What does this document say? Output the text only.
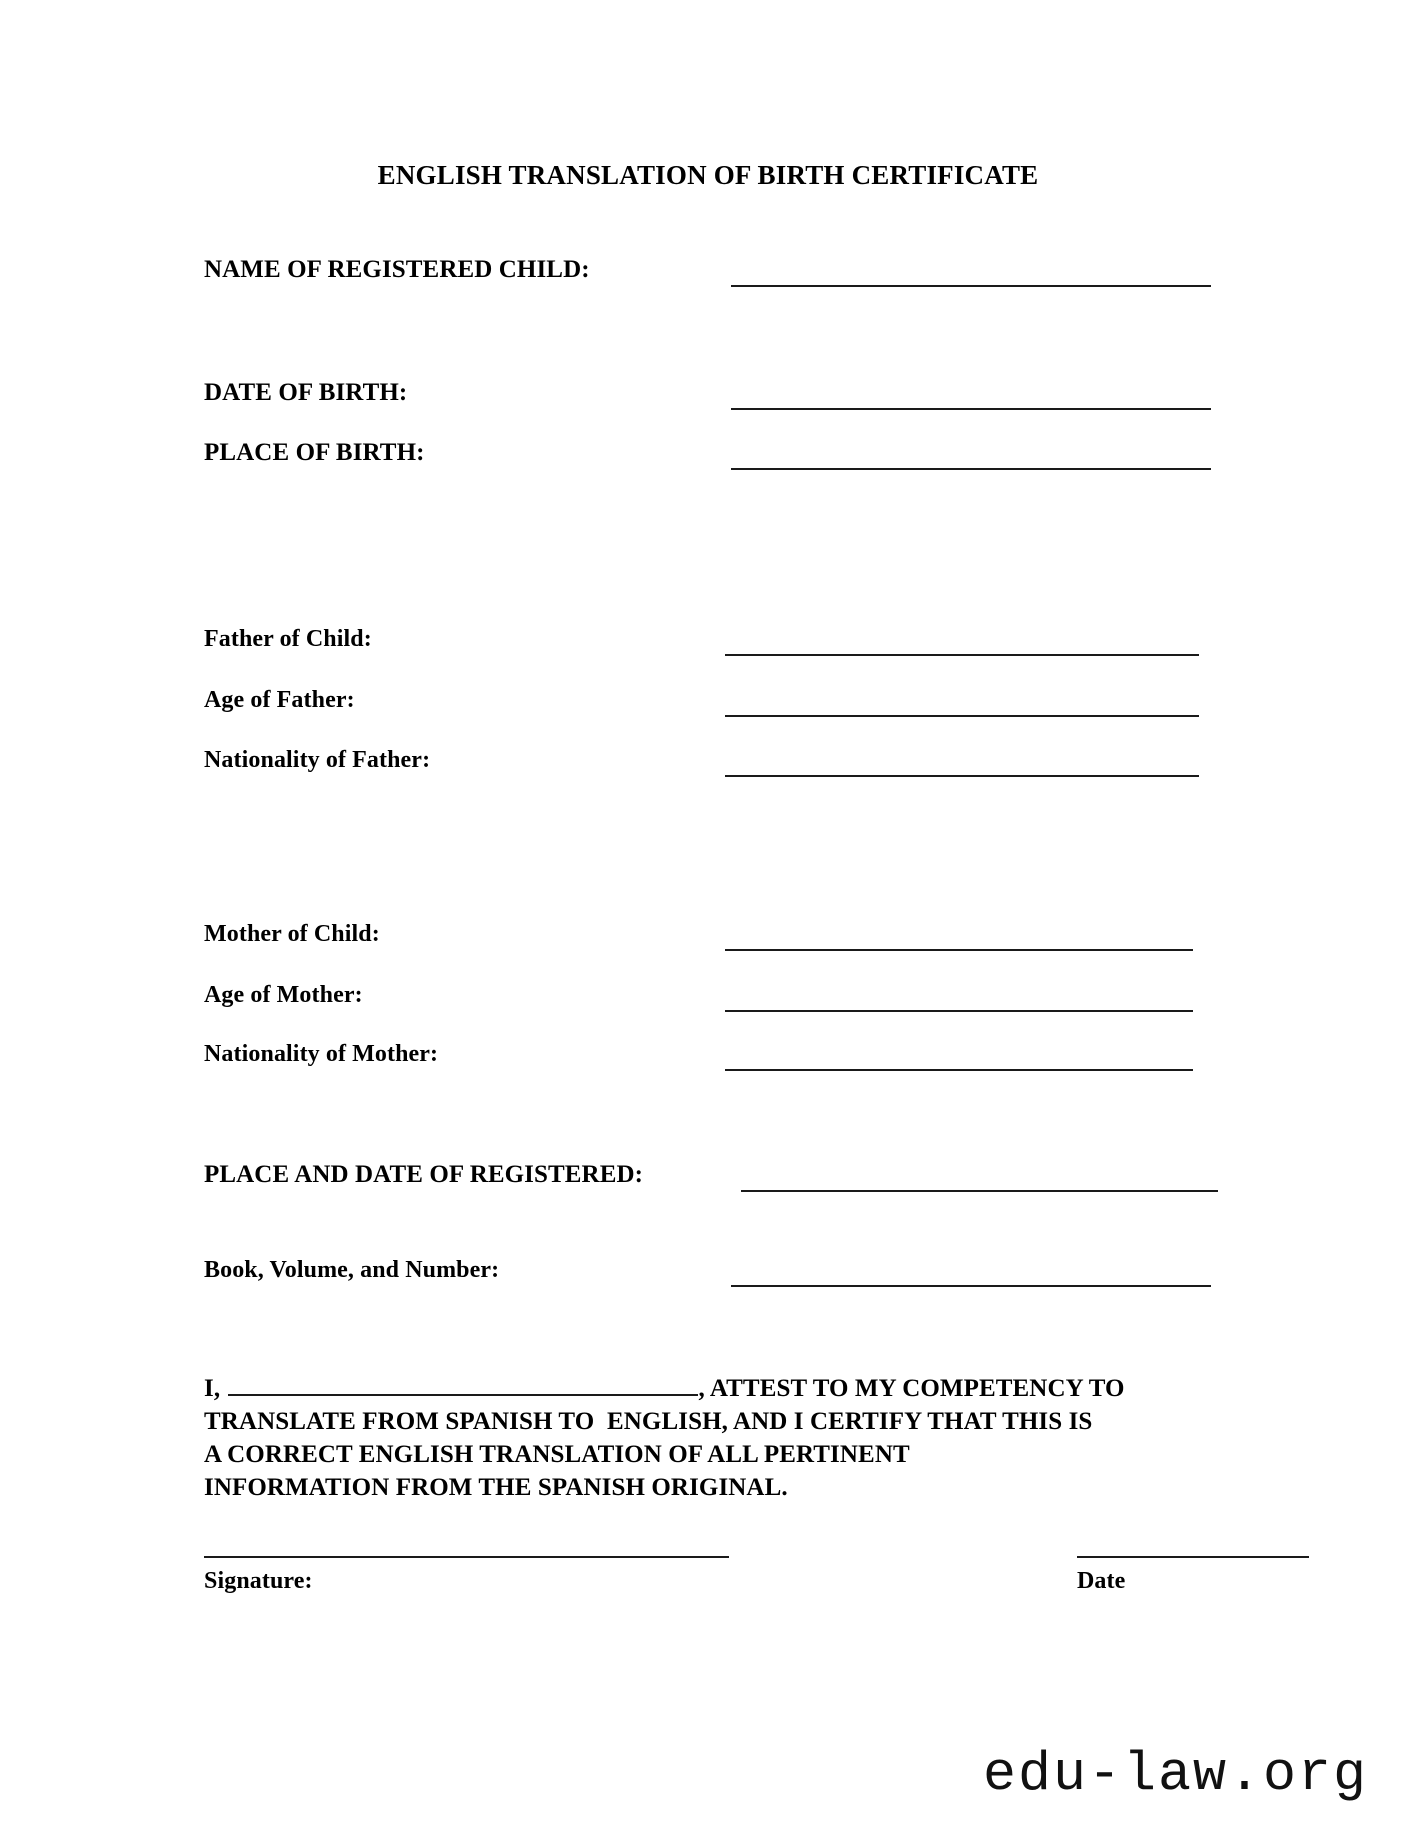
ENGLISH TRANSLATION OF BIRTH CERTIFICATE
NAME OF REGISTERED CHILD:
DATE OF BIRTH:
PLACE OF BIRTH:
Father of Child:
Age of Father:
Nationality of Father:
Mother of Child:
Age of Mother:
Nationality of Mother:
PLACE AND DATE OF REGISTERED:
Book, Volume, and Number:
I,	, ATTEST TO MY COMPETENCY TO
TRANSLATE FROM SPANISH TO  ENGLISH, AND I CERTIFY THAT THIS IS
A CORRECT ENGLISH TRANSLATION OF ALL PERTINENT
INFORMATION FROM THE SPANISH ORIGINAL.
Signature:	Date
edu-law.org
